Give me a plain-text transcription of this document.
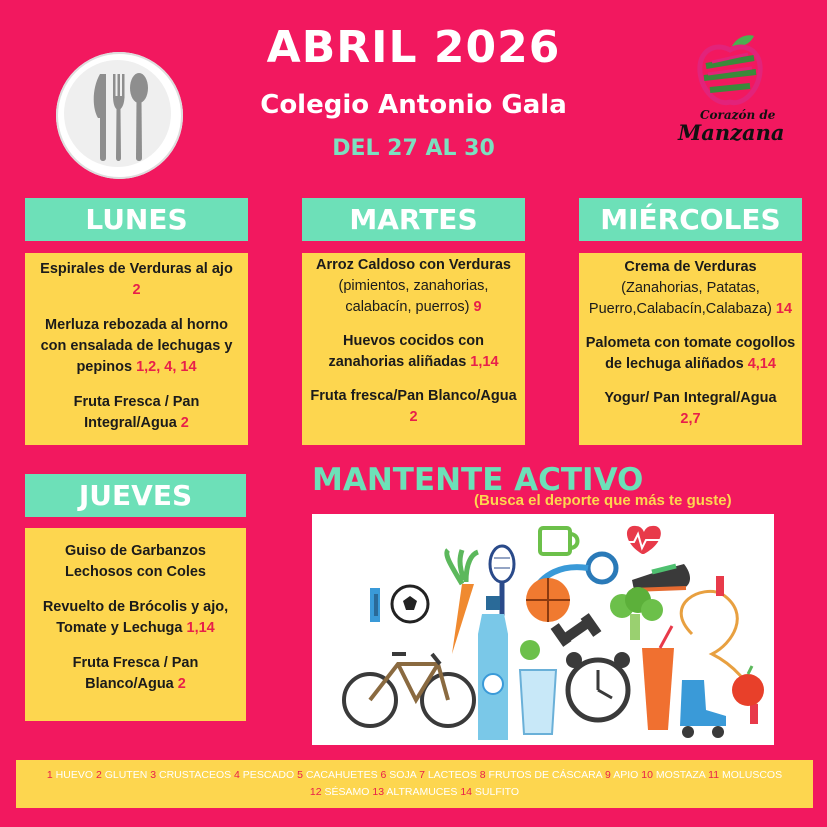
ABRIL 2026
Colegio Antonio Gala
DEL 27 AL 30
Corazón de
Manzana
LUNES

Espirales de Verduras al ajo
2

Merluza rebozada al horno con ensalada de lechugas y pepinos 1,2, 4, 14

Fruta Fresca / Pan Integral/Agua 2

MARTES

Arroz Caldoso con Verduras
(pimientos, zanahorias, calabacín, puerros) 9

Huevos cocidos con zanahorias aliñadas 1,14

Fruta fresca/Pan Blanco/Agua 2

MIÉRCOLES

Crema de Verduras
(Zanahorias, Patatas, Puerro,Calabacín,Calabaza) 14

Palometa con tomate cogollos de lechuga aliñados 4,14

Yogur/ Pan Integral/Agua
2,7

JUEVES

Guiso de Garbanzos Lechosos con Coles

Revuelto de Brócolis y ajo, Tomate y Lechuga 1,14

Fruta Fresca / Pan Blanco/Agua 2

MANTENTE ACTIVO
(Busca el deporte que más te guste)
1 HUEVO 2 GLUTEN 3 CRUSTACEOS 4 PESCADO 5 CACAHUETES 6 SOJA 7 LACTEOS 8 FRUTOS DE CÁSCARA 9 APIO 10 MOSTAZA 11 MOLUSCOS
12 SÉSAMO 13 ALTRAMUCES 14 SULFITO
